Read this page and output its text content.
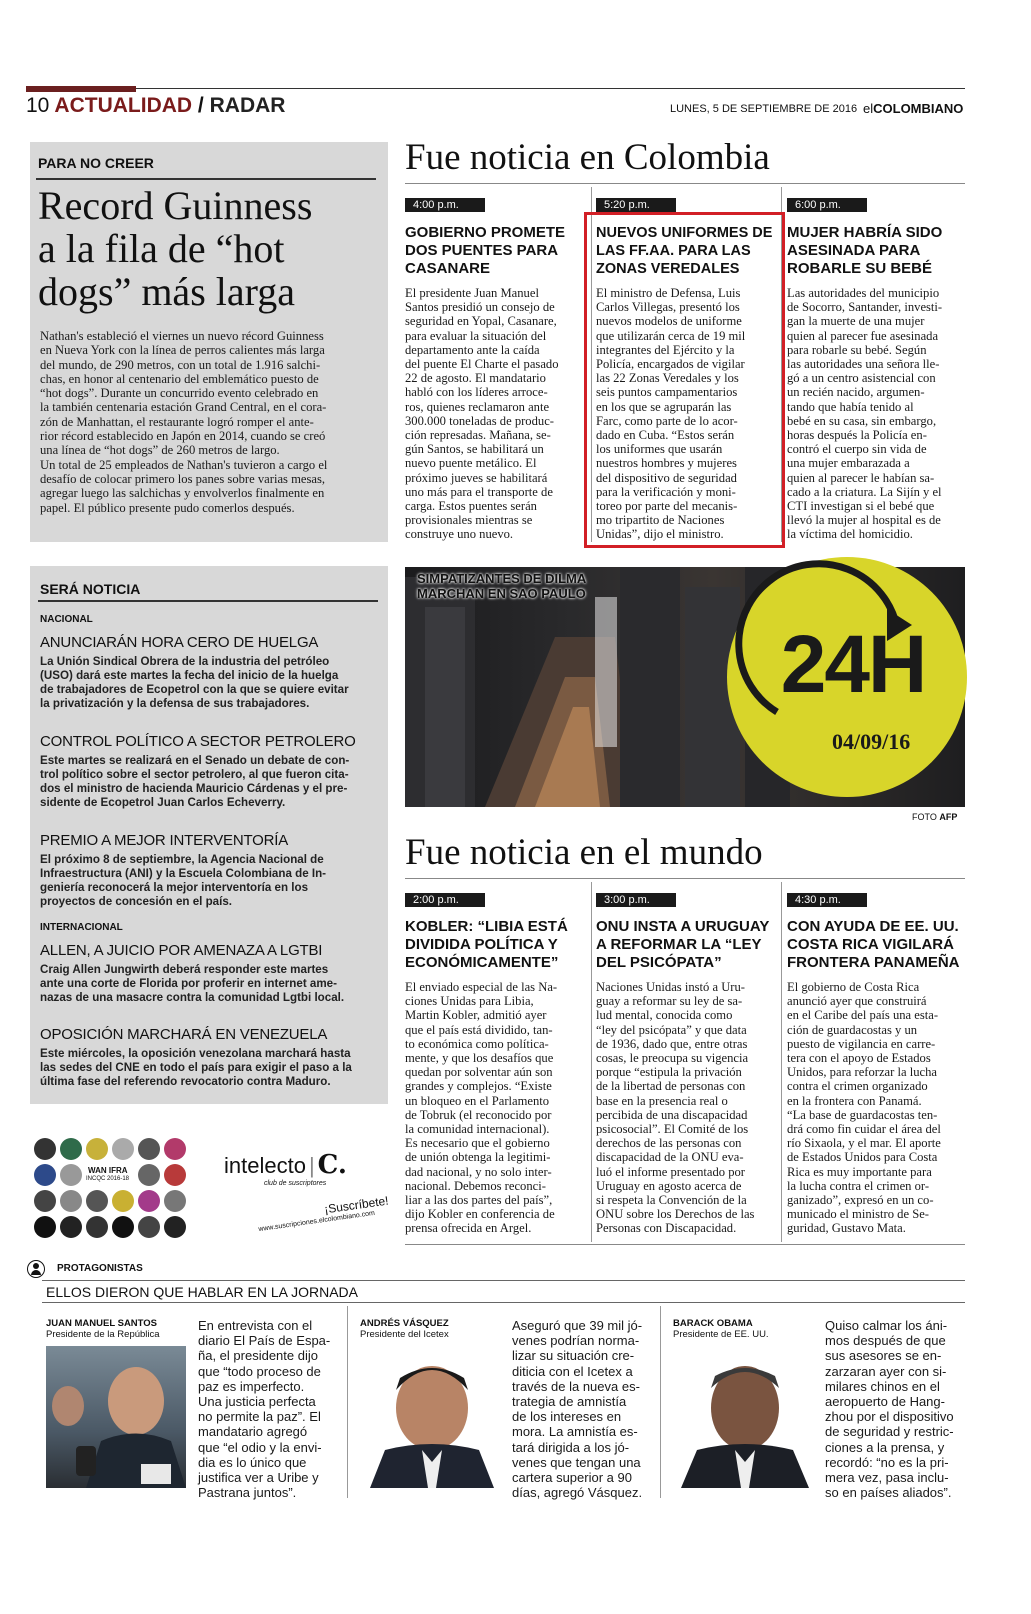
10 ACTUALIDAD / RADAR	LUNES, 5 DE SEPTIEMBRE DE 2016 elCOLOMBIANO
PARA NO CREER
Record Guinness
a la fila de “hot
dogs” más larga
Nathan's estableció el viernes un nuevo récord Guinness
en Nueva York con la línea de perros calientes más larga
del mundo, de 290 metros, con un total de 1.916 salchi-
chas, en honor al centenario del emblemático puesto de
“hot dogs”. Durante un concurrido evento celebrado en
la también centenaria estación Grand Central, en el cora-
zón de Manhattan, el restaurante logró romper el ante-
rior récord establecido en Japón en 2014, cuando se creó
una línea de “hot dogs” de 260 metros de largo.
Un total de 25 empleados de Nathan's tuvieron a cargo el
desafío de colocar primero los panes sobre varias mesas,
agregar luego las salchichas y envolverlos finalmente en
papel. El público presente pudo comerlos después.
Fue noticia en Colombia
4:00 p.m.
GOBIERNO PROMETE
DOS PUENTES PARA
CASANARE
El presidente Juan Manuel
Santos presidió un consejo de
seguridad en Yopal, Casanare,
para evaluar la situación del
departamento ante la caída
del puente El Charte el pasado
22 de agosto. El mandatario
habló con los líderes arroce-
ros, quienes reclamaron ante
300.000 toneladas de produc-
ción represadas. Mañana, se-
gún Santos, se habilitará un
nuevo puente metálico. El
próximo jueves se habilitará
uno más para el transporte de
carga. Estos puentes serán
provisionales mientras se
construye uno nuevo.
5:20 p.m.
NUEVOS UNIFORMES DE
LAS FF.AA. PARA LAS
ZONAS VEREDALES
El ministro de Defensa, Luis
Carlos Villegas, presentó los
nuevos modelos de uniforme
que utilizarán cerca de 19 mil
integrantes del Ejército y la
Policía, encargados de vigilar
las 22 Zonas Veredales y los
seis puntos campamentarios
en los que se agruparán las
Farc, como parte de lo acor-
dado en Cuba. “Estos serán
los uniformes que usarán
nuestros hombres y mujeres
del dispositivo de seguridad
para la verificación y moni-
toreo por parte del mecanis-
mo tripartito de Naciones
Unidas”, dijo el ministro.
6:00 p.m.
MUJER HABRÍA SIDO
ASESINADA PARA
ROBARLE SU BEBÉ
Las autoridades del municipio
de Socorro, Santander, investi-
gan la muerte de una mujer
quien al parecer fue asesinada
para robarle su bebé. Según
las autoridades una señora lle-
gó a un centro asistencial con
un recién nacido, argumen-
tando que había tenido al
bebé en su casa, sin embargo,
horas después la Policía en-
contró el cuerpo sin vida de
una mujer embarazada a
quien al parecer le habían sa-
cado a la criatura. La Sijín y el
CTI investigan si el bebé que
llevó la mujer al hospital es de
la víctima del homicidio.
SERÁ NOTICIA
NACIONAL
ANUNCIARÁN HORA CERO DE HUELGA
La Unión Sindical Obrera de la industria del petróleo
(USO) dará este martes la fecha del inicio de la huelga
de trabajadores de Ecopetrol con la que se quiere evitar
la privatización y la defensa de sus trabajadores.
CONTROL POLÍTICO A SECTOR PETROLERO
Este martes se realizará en el Senado un debate de con-
trol político sobre el sector petrolero, al que fueron cita-
dos el ministro de hacienda Mauricio Cárdenas y el pre-
sidente de Ecopetrol Juan Carlos Echeverry.
PREMIO A MEJOR INTERVENTORÍA
El próximo 8 de septiembre, la Agencia Nacional de
Infraestructura (ANI) y la Escuela Colombiana de In-
geniería reconocerá la mejor interventoría en los
proyectos de concesión en el país.
INTERNACIONAL
ALLEN, A JUICIO POR AMENAZA A LGTBI
Craig Allen Jungwirth deberá responder este martes
ante una corte de Florida por proferir en internet ame-
nazas de una masacre contra la comunidad Lgtbi local.
OPOSICIÓN MARCHARÁ EN VENEZUELA
Este miércoles, la oposición venezolana marchará hasta
las sedes del CNE en todo el país para exigir el paso a la
última fase del referendo revocatorio contra Maduro.
SIMPATIZANTES DE DILMA
MARCHAN EN SAO PAULO
24H
04/09/16
FOTO AFP
Fue noticia en el mundo
2:00 p.m.
KOBLER: “LIBIA ESTÁ
DIVIDIDA POLÍTICA Y
ECONÓMICAMENTE”
El enviado especial de las Na-
ciones Unidas para Libia,
Martin Kobler, admitió ayer
que el país está dividido, tan-
to económica como política-
mente, y que los desafíos que
quedan por solventar aún son
grandes y complejos. “Existe
un bloqueo en el Parlamento
de Tobruk (el reconocido por
la comunidad internacional).
Es necesario que el gobierno
de unión obtenga la legitimi-
dad nacional, y no solo inter-
nacional. Debemos reconci-
liar a las dos partes del país”,
dijo Kobler en conferencia de
prensa ofrecida en Argel.
3:00 p.m.
ONU INSTA A URUGUAY
A REFORMAR LA “LEY
DEL PSICÓPATA”
Naciones Unidas instó a Uru-
guay a reformar su ley de sa-
lud mental, conocida como
“ley del psicópata” y que data
de 1936, dado que, entre otras
cosas, le preocupa su vigencia
porque “estipula la privación
de la libertad de personas con
base en la presencia real o
percibida de una discapacidad
psicosocial”. El Comité de los
derechos de las personas con
discapacidad de la ONU eva-
luó el informe presentado por
Uruguay en agosto acerca de
si respeta la Convención de la
ONU sobre los Derechos de las
Personas con Discapacidad.
4:30 p.m.
CON AYUDA DE EE. UU.
COSTA RICA VIGILARÁ
FRONTERA PANAMEÑA
El gobierno de Costa Rica
anunció ayer que construirá
en el Caribe del país una esta-
ción de guardacostas y un
puesto de vigilancia en carre-
tera con el apoyo de Estados
Unidos, para reforzar la lucha
contra el crimen organizado
en la frontera con Panamá.
“La base de guardacostas ten-
drá como fin cuidar el área del
río Sixaola, y el mar. El aporte
de Estados Unidos para Costa
Rica es muy importante para
la lucha contra el crimen or-
ganizado”, expresó en un co-
municado el ministro de Se-
guridad, Gustavo Mata.
WAN IFRA
INCQC 2016-18
intelecto | C.
club de suscriptores
¡Suscríbete!
www.suscripciones.elcolombiano.com
PROTAGONISTAS
ELLOS DIERON QUE HABLAR EN LA JORNADA
JUAN MANUEL SANTOS
Presidente de la República
En entrevista con el
diario El País de Espa-
ña, el presidente dijo
que “todo proceso de
paz es imperfecto.
Una justicia perfecta
no permite la paz”. El
mandatario agregó
que “el odio y la envi-
dia es lo único que
justifica ver a Uribe y
Pastrana juntos”.
ANDRÉS VÁSQUEZ
Presidente del Icetex
Aseguró que 39 mil jó-
venes podrían norma-
lizar su situación cre-
diticia con el Icetex a
través de la nueva es-
trategia de amnistía
de los intereses en
mora. La amnistía es-
tará dirigida a los jó-
venes que tengan una
cartera superior a 90
días, agregó Vásquez.
BARACK OBAMA
Presidente de EE. UU.
Quiso calmar los áni-
mos después de que
sus asesores se en-
zarzaran ayer con si-
milares chinos en el
aeropuerto de Hang-
zhou por el dispositivo
de seguridad y restric-
ciones a la prensa, y
recordó: “no es la pri-
mera vez, pasa inclu-
so en países aliados”.
